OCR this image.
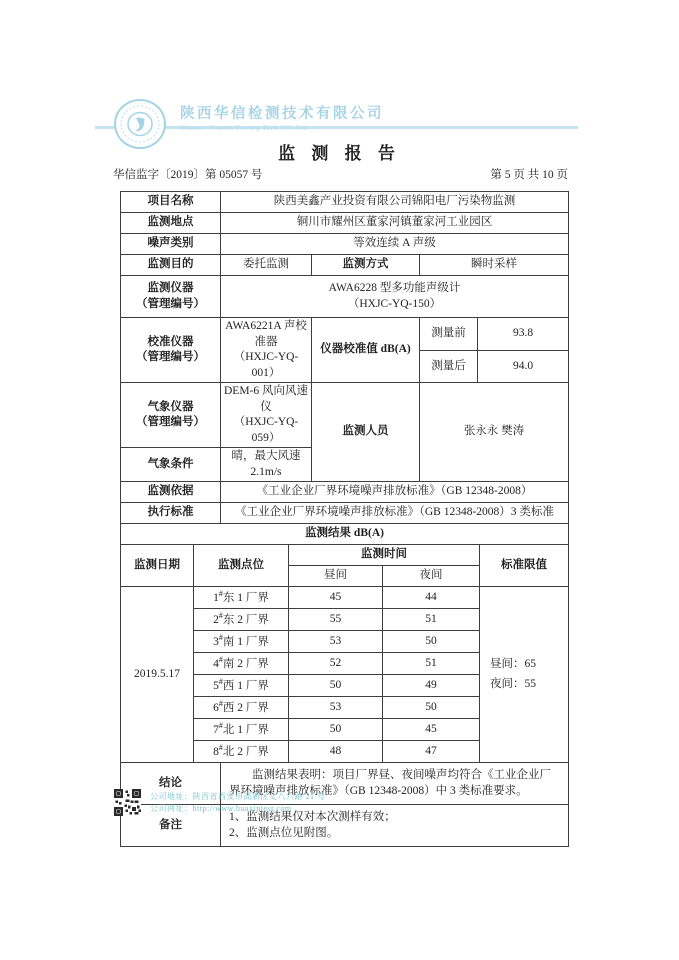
陕西华信检测技术有限公司
Shaanxi Huaxin Testing Tech CO.,Ltd
监 测 报 告
华信监字〔2019〕第 05057 号	第 5 页 共 10 页
项目名称	陕西美鑫产业投资有限公司锦阳电厂污染物监测			
监测地点	铜川市耀州区董家河镇董家河工业园区			
噪声类别	等效连续 A 声级			
监测目的	委托监测	监测方式	瞬时采样	

监测仪器
（管理编号）	AWA6228 型多功能声级计
（HXJC-YQ-150）			

校准仪器
（管理编号）	AWA6221A 声校准器
（HXJC-YQ-001）	仪器校准值 dB(A)	测量前	93.8
			测量后	94.0

气象仪器
（管理编号）	DEM-6 风向风速仪
（HXJC-YQ-059）	监测人员	张永永 樊涛	
气象条件	晴，最大风速 2.1m/s			
监测依据	《工业企业厂界环境噪声排放标准》（GB 12348-2008）			
执行标准	《工业企业厂界环境噪声排放标准》（GB 12348-2008）3 类标准			
监测结果 dB(A)				
监测日期	监测点位	监测时间		标准限值
		昼间	夜间	
2019.5.17	1#东 1 厂界	45	44	昼间：65
夜间：55

	2#东 2 厂界	55	51	
	3#南 1 厂界	53	50	
	4#南 2 厂界	52	51	
	5#西 1 厂界	50	49	
	6#西 2 厂界	53	50	
	7#北 1 厂界	50	45	
	8#北 2 厂界	48	47	
结论	监测结果表明：项目厂界昼、夜间噪声均符合《工业企业厂界环境噪声排放标准》（GB 12348-2008）中 3 类标准要求。

备注	1、监测结果仅对本次测样有效；
2、监测点位见附图。
公司地址：陕西省西安市高新区丈八六路 21 号
公司网址：http://www.huaxintest.com
